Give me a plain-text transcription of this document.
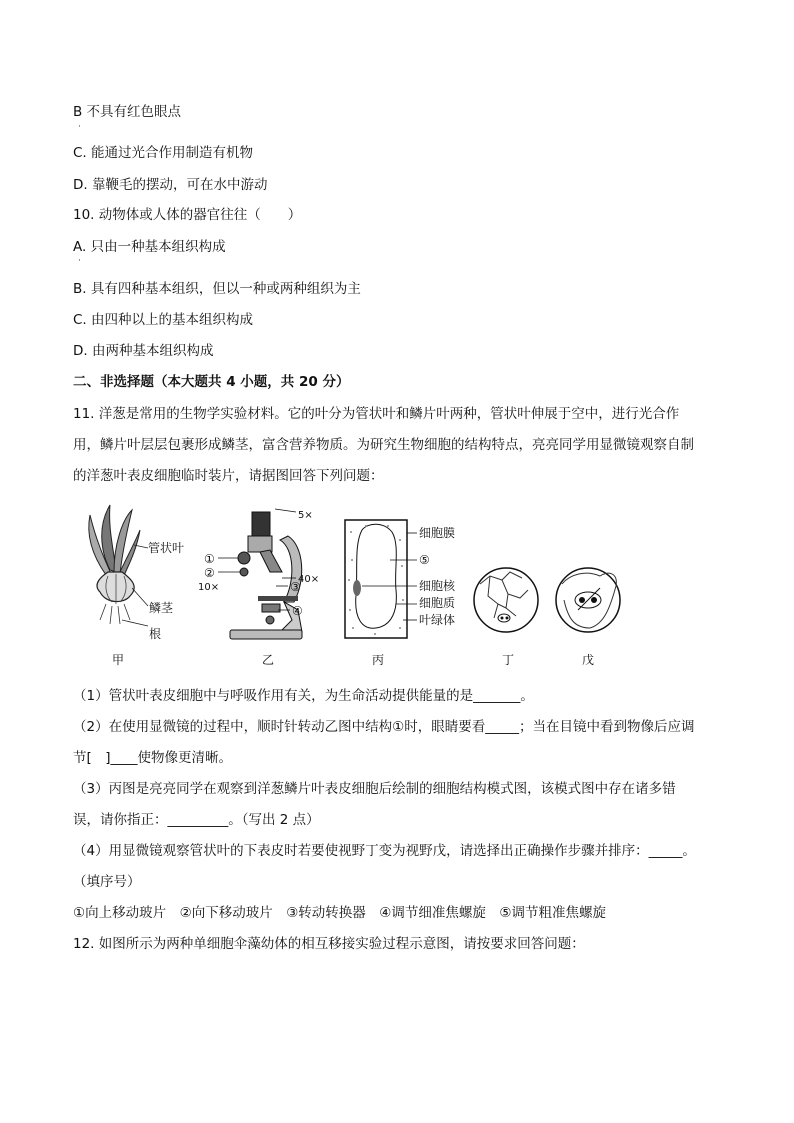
B 不具有红色眼点
·
C. 能通过光合作用制造有机物
D. 靠鞭毛的摆动，可在水中游动
10. 动物体或人体的器官往往（　　）
A. 只由一种基本组织构成
·
B. 具有四种基本组织，但以一种或两种组织为主
C. 由四种以上的基本组织构成
D. 由两种基本组织构成
二、非选择题（本大题共 4 小题，共 20 分）
11. 洋葱是常用的生物学实验材料。它的叶分为管状叶和鳞片叶两种，管状叶伸展于空中，进行光合作
用，鳞片叶层层包裹形成鳞茎，富含营养物质。为研究生物细胞的结构特点，亮亮同学用显微镜观察自制
的洋葱叶表皮细胞临时装片，请据图回答下列问题：
管状叶
鳞茎
根
甲
5×
①
②
10×
40×
③
④
乙
细胞膜
⑤
细胞核
细胞质
叶绿体
丙	丁	戊
（1）管状叶表皮细胞中与呼吸作用有关，为生命活动提供能量的是_______。
（2）在使用显微镜的过程中，顺时针转动乙图中结构①时，眼睛要看_____；当在目镜中看到物像后应调
节[　]____使物像更清晰。
（3）丙图是亮亮同学在观察到洋葱鳞片叶表皮细胞后绘制的细胞结构模式图，该模式图中存在诸多错
误，请你指正：_________。（写出 2 点）
（4）用显微镜观察管状叶的下表皮时若要使视野丁变为视野戊，请选择出正确操作步骤并排序：_____。
（填序号）
①向上移动玻片　②向下移动玻片　③转动转换器　④调节细准焦螺旋　⑤调节粗准焦螺旋
12. 如图所示为两种单细胞伞藻幼体的相互移接实验过程示意图，请按要求回答问题：
